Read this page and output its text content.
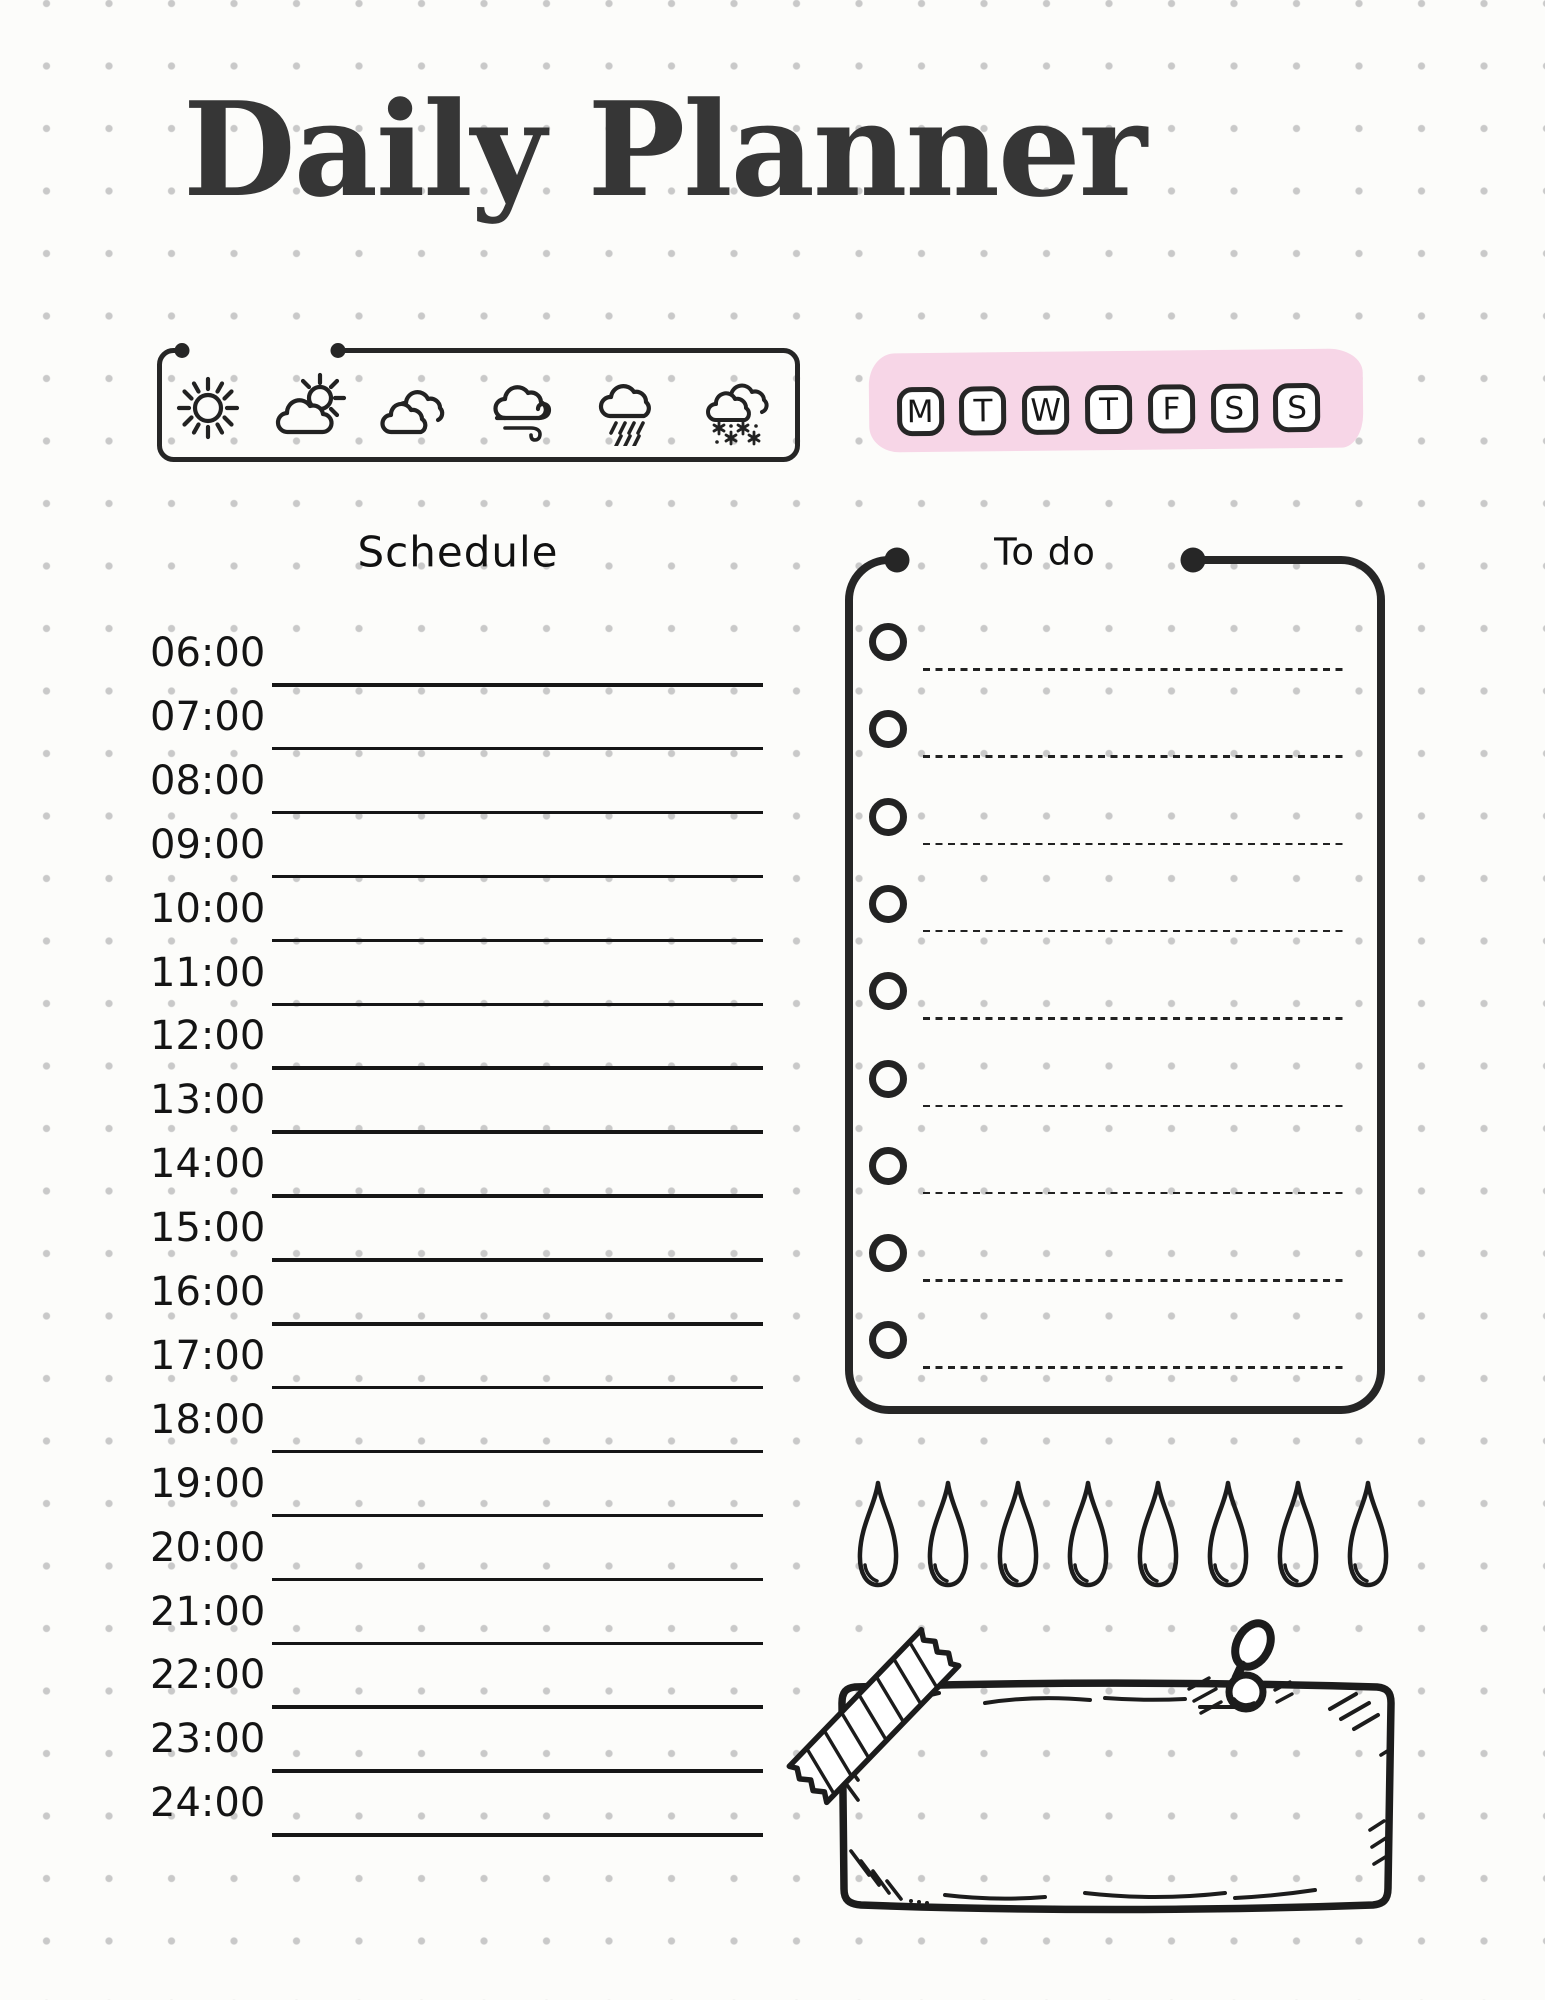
Daily Planner
M	T	W	T	F	S	S
Schedule	To do
06:00
07:00
08:00
09:00
10:00
11:00
12:00
13:00
14:00
15:00
16:00
17:00
18:00
19:00
20:00
21:00
22:00
23:00
24:00
